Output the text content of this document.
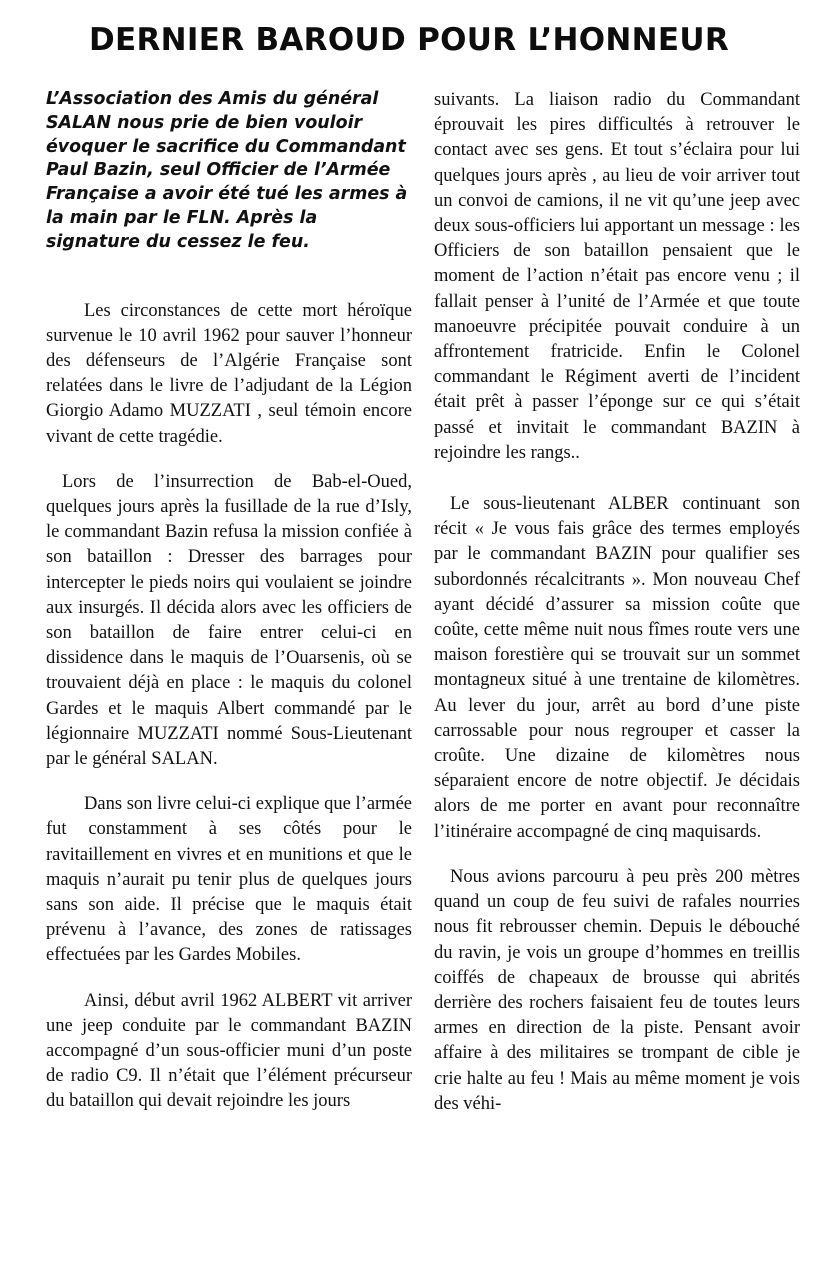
DERNIER BAROUD POUR L’HONNEUR

L’Association des Amis du général SALAN nous prie de bien vouloir évoquer le sacrifice du Commandant Paul Bazin, seul Officier de l’Armée Française a avoir été tué les armes à la main par le FLN. Après la signature du cessez le feu.

Les circonstances de cette mort héroïque survenue le 10 avril 1962 pour sauver l’honneur des défenseurs de l’Algérie Française sont relatées dans le livre de l’adjudant de la Légion Giorgio Adamo MUZZATI , seul témoin encore vivant de cette tragédie.

Lors de l’insurrection de Bab-el-Oued, quelques jours après la fusillade de la rue d’Isly, le commandant Bazin refusa la mission confiée à son bataillon : Dresser des barrages pour intercepter le pieds noirs qui voulaient se joindre aux insurgés. Il décida alors avec les officiers de son bataillon de faire entrer celui-ci en dissidence dans le maquis de l’Ouarsenis, où se trouvaient déjà en place : le maquis du colonel Gardes et le maquis Albert commandé par le légionnaire MUZZATI nommé Sous-Lieutenant par le général SALAN.

Dans son livre celui-ci explique que l’armée fut constamment à ses côtés pour le ravitaillement en vivres et en munitions et que le maquis n’aurait pu tenir plus de quelques jours sans son aide. Il précise que le maquis était prévenu à l’avance, des zones de ratissages effectuées par les Gardes Mobiles.

Ainsi, début avril 1962 ALBERT vit arriver une jeep conduite par le commandant BAZIN accompagné d’un sous-officier muni d’un poste de radio C9. Il n’était que l’élément précurseur du bataillon qui devait rejoindre les jours

suivants. La liaison radio du Commandant éprouvait les pires difficultés à retrouver le contact avec ses gens. Et tout s’éclaira pour lui quelques jours après , au lieu de voir arriver tout un convoi de camions, il ne vit qu’une jeep avec deux sous-officiers lui apportant un message : les Officiers de son bataillon pensaient que le moment de l’action n’était pas encore venu ; il fallait penser à l’unité de l’Armée et que toute manoeuvre précipitée pouvait conduire à un affrontement fratricide. Enfin le Colonel commandant le Régiment averti de l’incident était prêt à passer l’éponge sur ce qui s’était passé et invitait le commandant BAZIN à rejoindre les rangs..

Le sous-lieutenant ALBER continuant son récit « Je vous fais grâce des termes employés par le commandant BAZIN pour qualifier ses subordonnés récalcitrants ». Mon nouveau Chef ayant décidé d’assurer sa mission coûte que coûte, cette même nuit nous fîmes route vers une maison forestière qui se trouvait sur un sommet montagneux situé à une trentaine de kilomètres. Au lever du jour, arrêt au bord d’une piste carrossable pour nous regrouper et casser la croûte. Une dizaine de kilomètres nous séparaient encore de notre objectif. Je décidais alors de me porter en avant pour reconnaître l’itinéraire accompagné de cinq maquisards.

Nous avions parcouru à peu près 200 mètres quand un coup de feu suivi de rafales nourries nous fit rebrousser chemin. Depuis le débouché du ravin, je vois un groupe d’hommes en treillis coiffés de chapeaux de brousse qui abrités derrière des rochers faisaient feu de toutes leurs armes en direction de la piste. Pensant avoir affaire à des militaires se trompant de cible je crie halte au feu ! Mais au même moment je vois des véhi-
